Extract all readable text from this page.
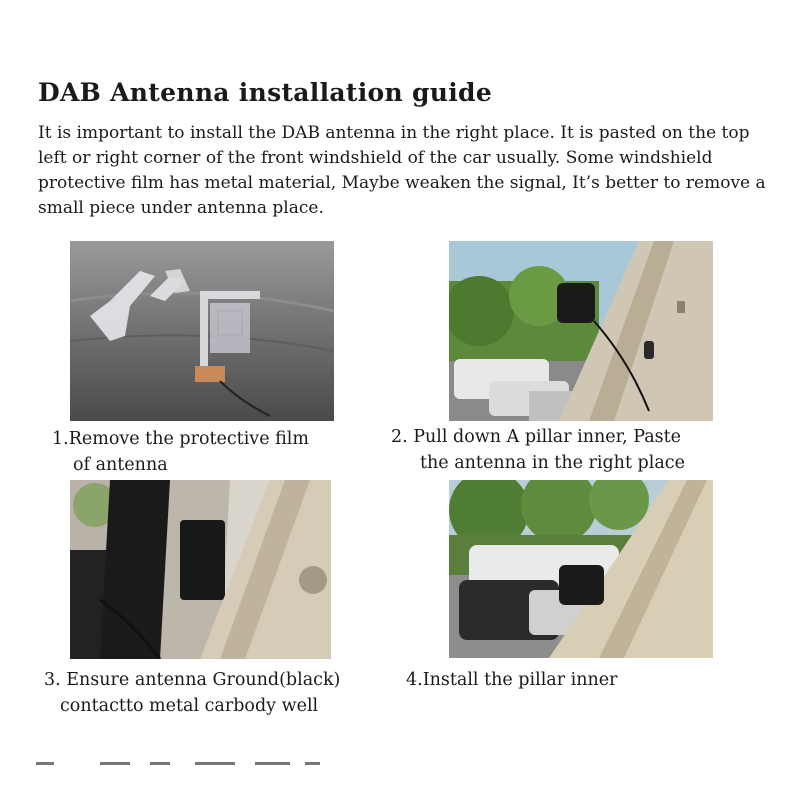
DAB Antenna installation guide
It is important to install the DAB antenna in the right place. It is pasted on the top left or right corner of the front windshield of the car usually. Some windshield protective film has metal material, Maybe weaken the signal, It’s better to remove a small piece under antenna place.
1.Remove the protective film
of antenna
2. Pull down A pillar inner, Paste
the antenna in the right place
3. Ensure antenna Ground(black)
contactto metal carbody well
4.Install the pillar inner
